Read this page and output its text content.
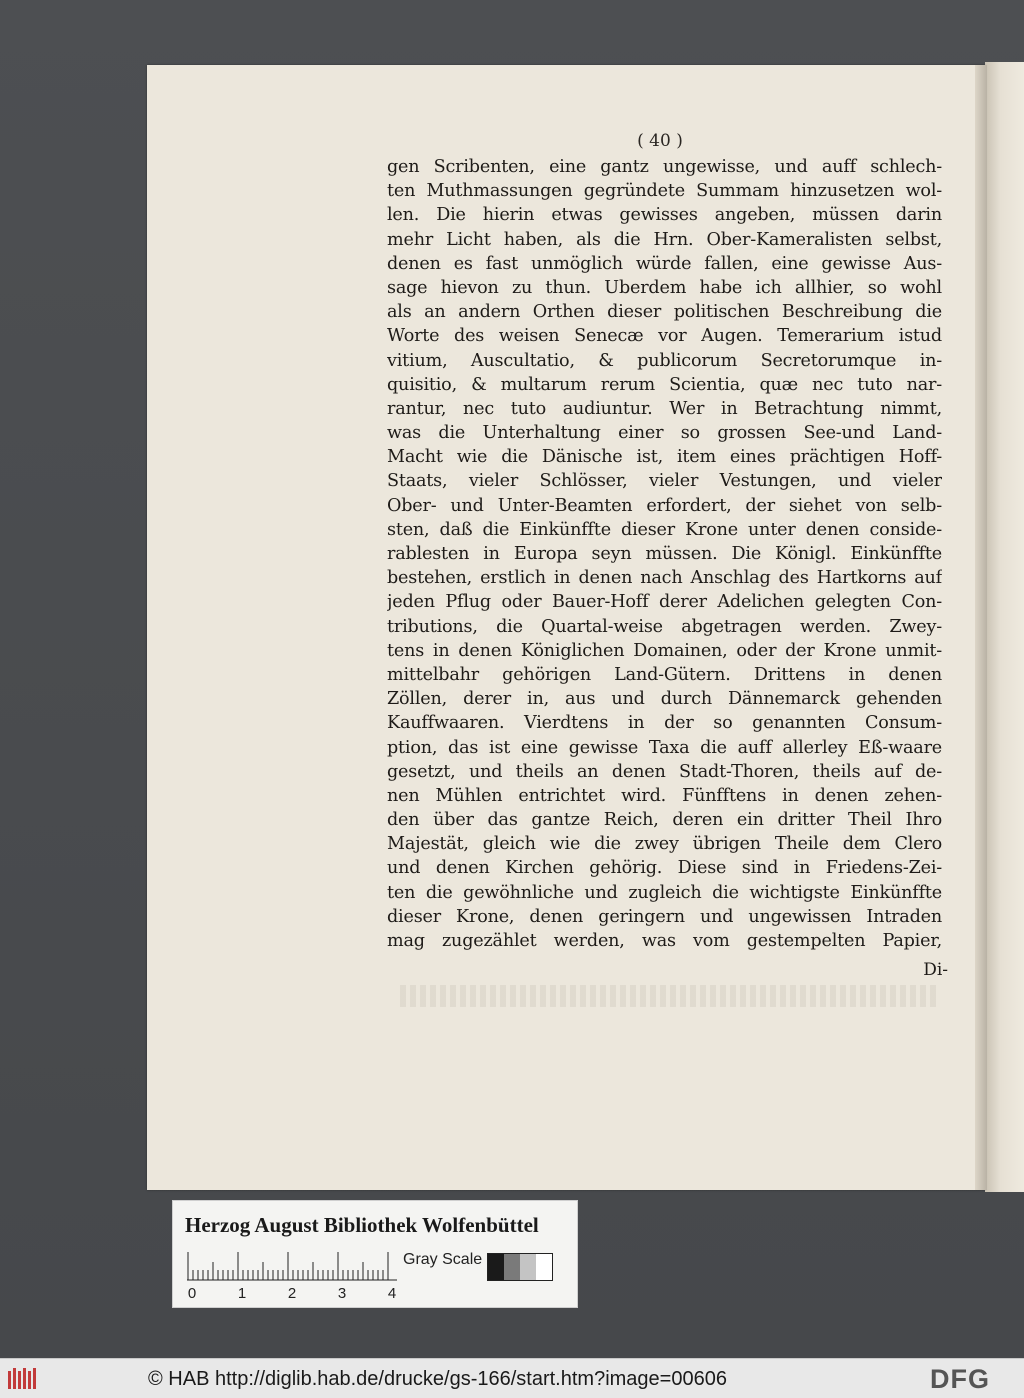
( 40 )
gen Scribenten, eine gantz ungewisse, und auff schlech-
ten Muthmassungen gegründete Summam hinzusetzen wol-
len. Die hierin etwas gewisses angeben, müssen darin
mehr Licht haben, als die Hrn. Ober-Kameralisten selbst,
denen es fast unmöglich würde fallen, eine gewisse Aus-
sage hievon zu thun. Uberdem habe ich allhier, so wohl
als an andern Orthen dieser politischen Beschreibung die
Worte des weisen Senecæ vor Augen. Temerarium istud
vitium, Auscultatio, & publicorum Secretorumque in-
quisitio, & multarum rerum Scientia, quæ nec tuto nar-
rantur, nec tuto audiuntur. Wer in Betrachtung nimmt,
was die Unterhaltung einer so grossen See-und Land-
Macht wie die Dänische ist, item eines prächtigen Hoff-
Staats, vieler Schlösser, vieler Vestungen, und vieler
Ober- und Unter-Beamten erfordert, der siehet von selb-
sten, daß die Einkünffte dieser Krone unter denen conside-
rablesten in Europa seyn müssen. Die Königl. Einkünffte
bestehen, erstlich in denen nach Anschlag des Hartkorns auf
jeden Pflug oder Bauer-Hoff derer Adelichen gelegten Con-
tributions, die Quartal-weise abgetragen werden. Zwey-
tens in denen Königlichen Domainen, oder der Krone unmit-
mittelbahr gehörigen Land-Gütern. Drittens in denen
Zöllen, derer in, aus und durch Dännemarck gehenden
Kauffwaaren. Vierdtens in der so genannten Consum-
ption, das ist eine gewisse Taxa die auff allerley Eß-waare
gesetzt, und theils an denen Stadt-Thoren, theils auf de-
nen Mühlen entrichtet wird. Fünfftens in denen zehen-
den über das gantze Reich, deren ein dritter Theil Ihro
Majestät, gleich wie die zwey übrigen Theile dem Clero
und denen Kirchen gehörig. Diese sind in Friedens-Zei-
ten die gewöhnliche und zugleich die wichtigste Einkünffte
dieser Krone, denen geringern und ungewissen Intraden
mag zugezählet werden, was vom gestempelten Papier,
Di-
Herzog August Bibliothek Wolfenbüttel
0	1	2	3	4
Gray Scale
© HAB http://diglib.hab.de/drucke/gs-166/start.htm?image=00606	DFG
